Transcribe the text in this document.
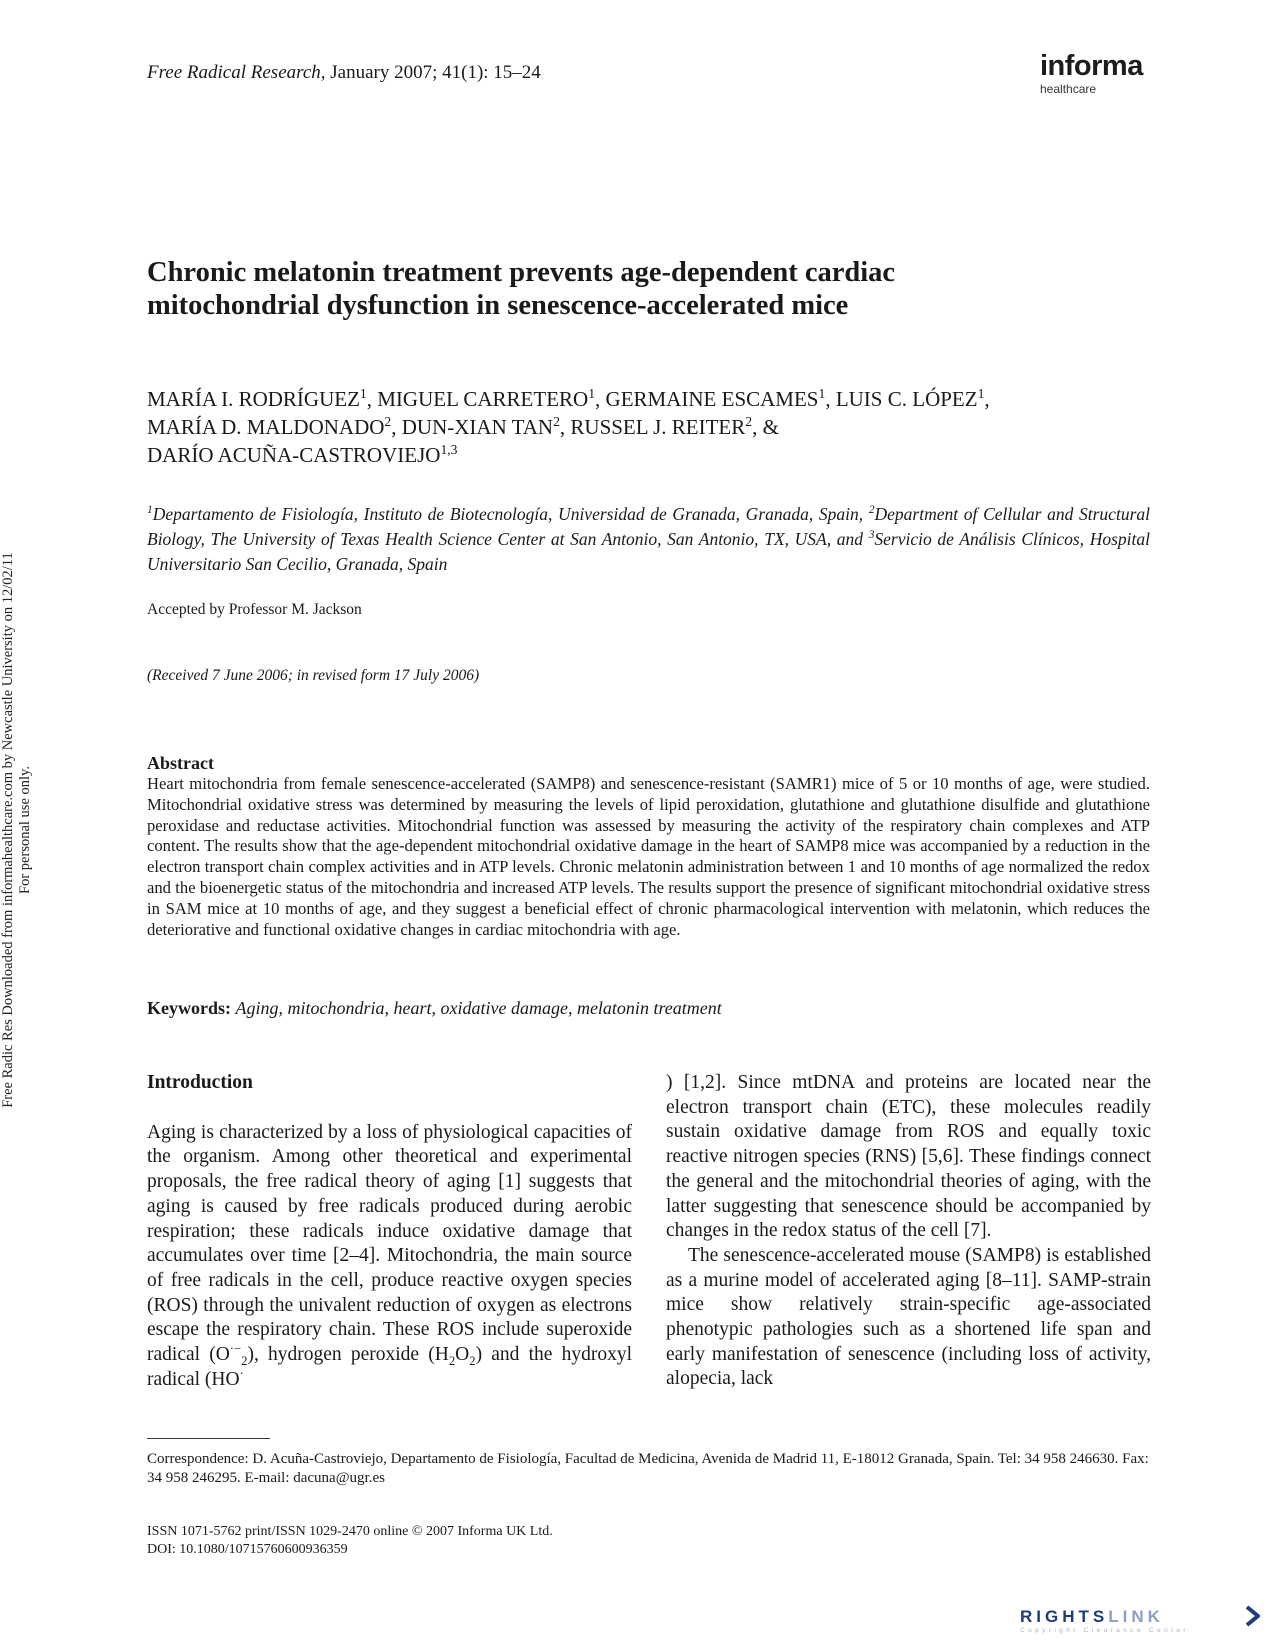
Free Radical Research, January 2007; 41(1): 15–24	informa
healthcare
Free Radic Res Downloaded from informahealthcare.com by Newcastle University on 12/02/11 For personal use only.
Chronic melatonin treatment prevents age-dependent cardiac
mitochondrial dysfunction in senescence-accelerated mice
MARÍA I. RODRÍGUEZ$^1$, MIGUEL CARRETERO$^1$, GERMAINE ESCAMES$^1$, LUIS C. LÓPEZ$^1$,
MARÍA D. MALDONADO$^2$, DUN-XIAN TAN$^2$, RUSSEL J. REITER$^2$, &
DARÍO ACUÑA-CASTROVIEJO$^{1,3}$

$^1$Departamento de Fisiología, Instituto de Biotecnología, Universidad de Granada, Granada, Spain, $^2$Department of Cellular and Structural Biology, The University of Texas Health Science Center at San Antonio, San Antonio, TX, USA, and $^3$Servicio de Análisis Clínicos, Hospital Universitario San Cecilio, Granada, Spain

Accepted by Professor M. Jackson
(Received 7 June 2006; in revised form 17 July 2006)
Abstract

Heart mitochondria from female senescence-accelerated (SAMP8) and senescence-resistant (SAMR1) mice of 5 or 10 months of age, were studied. Mitochondrial oxidative stress was determined by measuring the levels of lipid peroxidation, glutathione and glutathione disulfide and glutathione peroxidase and reductase activities. Mitochondrial function was assessed by measuring the activity of the respiratory chain complexes and ATP content. The results show that the age-dependent mitochondrial oxidative damage in the heart of SAMP8 mice was accompanied by a reduction in the electron transport chain complex activities and in ATP levels. Chronic melatonin administration between 1 and 10 months of age normalized the redox and the bioenergetic status of the mitochondria and increased ATP levels. The results support the presence of significant mitochondrial oxidative stress in SAM mice at 10 months of age, and they suggest a beneficial effect of chronic pharmacological intervention with melatonin, which reduces the deteriorative and functional oxidative changes in cardiac mitochondria with age.

Keywords: Aging, mitochondria, heart, oxidative damage, melatonin treatment
Introduction

Aging is characterized by a loss of physiological capacities of the organism. Among other theoretical and experimental proposals, the free radical theory of aging [1] suggests that aging is caused by free radicals produced during aerobic respiration; these radicals induce oxidative damage that accumulates over time [2–4]. Mitochondria, the main source of free radicals in the cell, produce reactive oxygen species (ROS) through the univalent reduction of oxygen as electrons escape the respiratory chain. These ROS include superoxide radical $(O^{\cdot-}_2)$, hydrogen peroxide $(H_2O_2)$ and the hydroxyl radical (HO·

) [1,2]. Since mtDNA and proteins are located near the electron transport chain (ETC), these molecules readily sustain oxidative damage from ROS and equally toxic reactive nitrogen species (RNS) [5,6]. These findings connect the general and the mitochondrial theories of aging, with the latter suggesting that senescence should be accompanied by changes in the redox status of the cell [7].

The senescence-accelerated mouse (SAMP8) is established as a murine model of accelerated aging [8–11]. SAMP-strain mice show relatively strain-specific age-associated phenotypic pathologies such as a shortened life span and early manifestation of senescence (including loss of activity, alopecia, lack

Correspondence: D. Acuña-Castroviejo, Departamento de Fisiología, Facultad de Medicina, Avenida de Madrid 11, E-18012 Granada, Spain. Tel: 34 958 246630. Fax: 34 958 246295. E-mail: dacuna@ugr.es

ISSN 1071-5762 print/ISSN 1029-2470 online © 2007 Informa UK Ltd.
DOI: 10.1080/10715760600936359
RIGHTSLINK
Copyright Clearance Center
